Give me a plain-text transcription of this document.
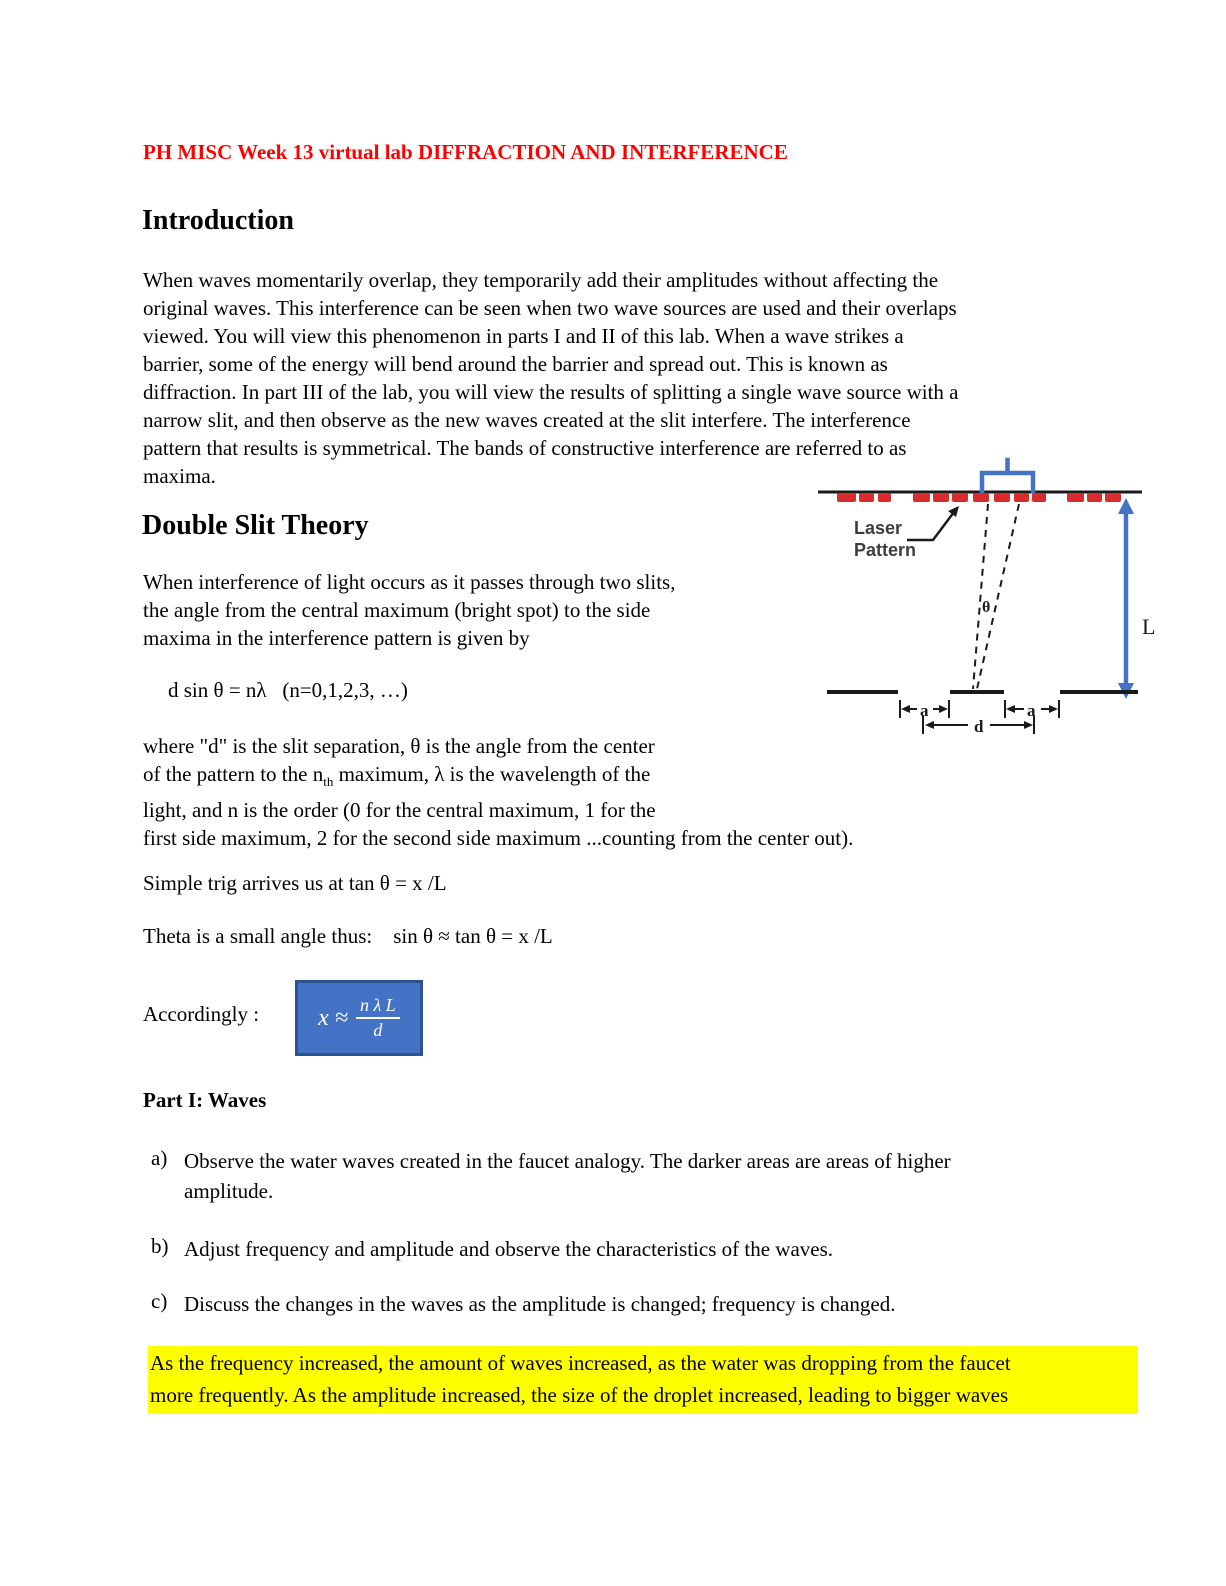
PH MISC Week 13 virtual lab DIFFRACTION AND INTERFERENCE
Introduction
When waves momentarily overlap, they temporarily add their amplitudes without affecting the
original waves. This interference can be seen when two wave sources are used and their overlaps
viewed. You will view this phenomenon in parts I and II of this lab. When a wave strikes a
barrier, some of the energy will bend around the barrier and spread out. This is known as
diffraction. In part III of the lab, you will view the results of splitting a single wave source with a
narrow slit, and then observe as the new waves created at the slit interfere. The interference
pattern that results is symmetrical. The bands of constructive interference are referred to as
maxima.
Laser
Pattern
θ
L
a	a
d
Double Slit Theory
When interference of light occurs as it passes through two slits,
the angle from the central maximum (bright spot) to the side
maxima in the interference pattern is given by
d sin θ = nλ   (n=0,1,2,3, …)
where "d" is the slit separation, θ is the angle from the center
of the pattern to the $n_{th}$ maximum, λ is the wavelength of the
light, and n is the order (0 for the central maximum, 1 for the
first side maximum, 2 for the second side maximum ...counting from the center out).
Simple trig arrives us at tan θ = x /L
Theta is a small angle thus:    sin θ ≈ tan θ = x /L
Accordingly : $x \approx \frac{\text{n λ L}}{d}$
Part I: Waves
a) Observe the water waves created in the faucet analogy. The darker areas are areas of higher
amplitude.
b) Adjust frequency and amplitude and observe the characteristics of the waves.
c) Discuss the changes in the waves as the amplitude is changed; frequency is changed.
As the frequency increased, the amount of waves increased, as the water was dropping from the faucet
more frequently. As the amplitude increased, the size of the droplet increased, leading to bigger waves
